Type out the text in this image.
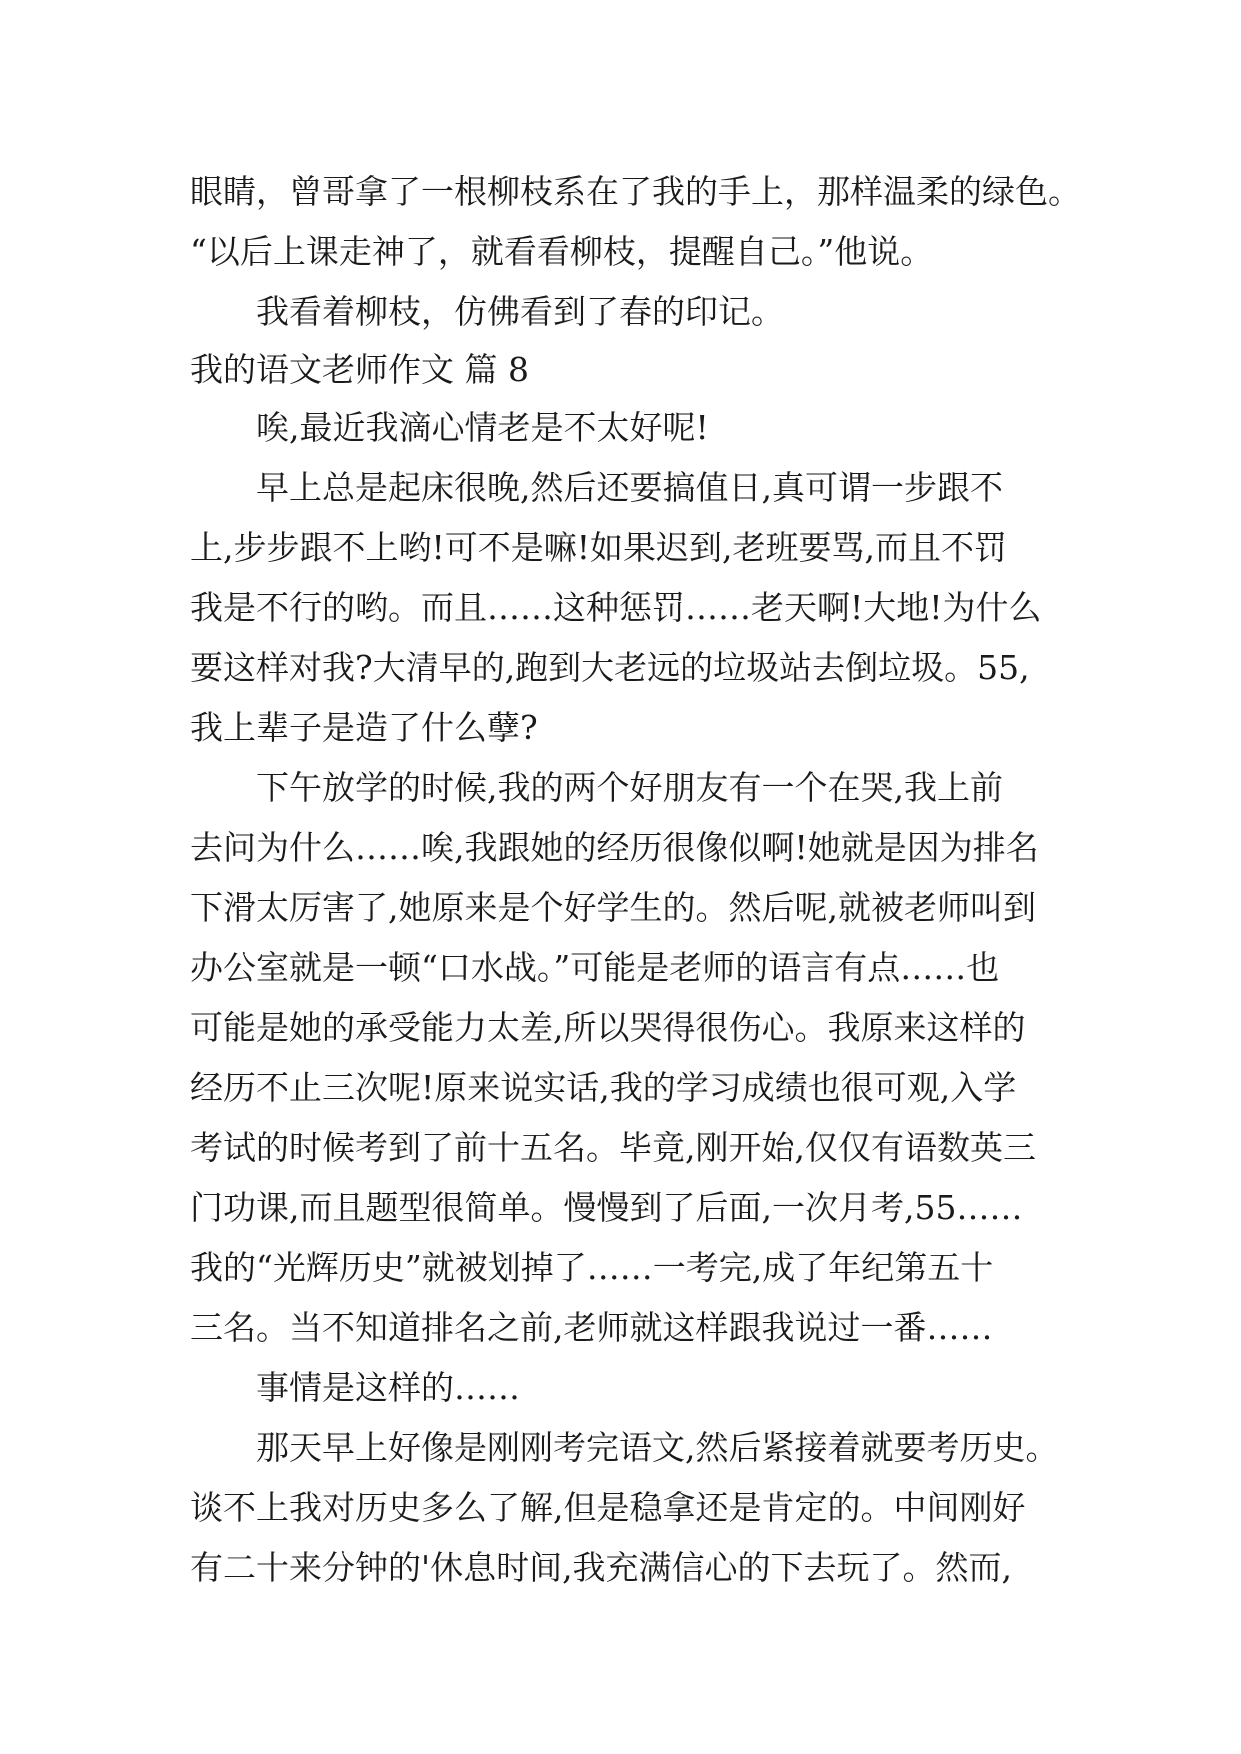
眼睛，曾哥拿了一根柳枝系在了我的手上，那样温柔的绿色。
“以后上课走神了，就看看柳枝，提醒自己。”他说。
我看着柳枝，仿佛看到了春的印记。
我的语文老师作文 篇 8
唉,最近我滴心情老是不太好呢!
早上总是起床很晚,然后还要搞值日,真可谓一步跟不
上,步步跟不上哟!可不是嘛!如果迟到,老班要骂,而且不罚
我是不行的哟。而且……这种惩罚……老天啊!大地!为什么
要这样对我?大清早的,跑到大老远的垃圾站去倒垃圾。55,
我上辈子是造了什么孽?
下午放学的时候,我的两个好朋友有一个在哭,我上前
去问为什么……唉,我跟她的经历很像似啊!她就是因为排名
下滑太厉害了,她原来是个好学生的。然后呢,就被老师叫到
办公室就是一顿“口水战。”可能是老师的语言有点……也
可能是她的承受能力太差,所以哭得很伤心。我原来这样的
经历不止三次呢!原来说实话,我的学习成绩也很可观,入学
考试的时候考到了前十五名。毕竟,刚开始,仅仅有语数英三
门功课,而且题型很简单。慢慢到了后面,一次月考,55……
我的“光辉历史”就被划掉了……一考完,成了年纪第五十
三名。当不知道排名之前,老师就这样跟我说过一番……
事情是这样的……
那天早上好像是刚刚考完语文,然后紧接着就要考历史。
谈不上我对历史多么了解,但是稳拿还是肯定的。中间刚好
有二十来分钟的'休息时间,我充满信心的下去玩了。然而,
